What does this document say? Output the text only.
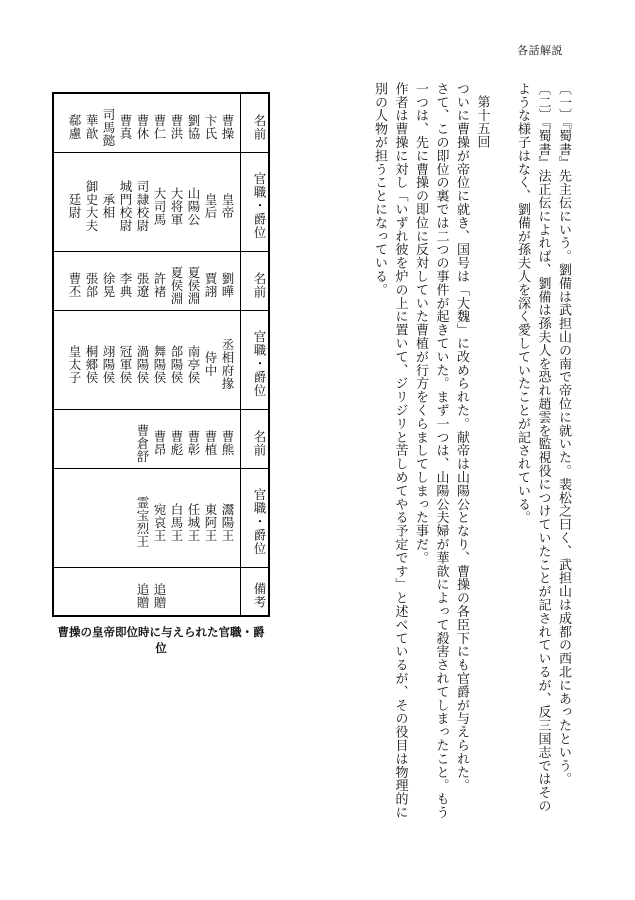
各話解説

〔一〕『蜀書』先主伝にいう。劉備は武担山の南で帝位に就いた。裴松之曰く、武担山は成都の西北にあったという。

〔二〕『蜀書』法正伝によれば、劉備は孫夫人を恐れ趙雲を監視役につけていたことが記されているが、反三国志ではそのような様子はなく、劉備が孫夫人を深く愛していたことが記されている。

第十五回

ついに曹操が帝位に就き、国号は「大魏」に改められた。献帝は山陽公となり、曹操の各臣下にも官爵が与えられた。

さて、この即位の裏では二つの事件が起きていた。まず一つは、山陽公夫婦が華歆によって殺害されてしまったこと。もう一つは、先に曹操の即位に反対していた曹植が行方をくらましてしまった事だ。

作者は曹操に対し「いずれ彼を炉の上に置いて、ジリジリと苦しめてやる予定です」と述べているが、その役目は物理的に別の人物が担うことになっている。

名前
曹操
卞氏
劉協
曹洪
曹仁
曹休
曹真
司馬懿
華歆
郗慮
官職・爵位
皇帝
皇后
山陽公
大将軍
大司馬
司隷校尉
城門校尉
承相
御史大夫
廷尉
名前
劉曄
賈詡
夏侯淵
夏侯淵
許褚
張遼
李典
徐晃
張郃
曹丕
官職・爵位
丞相府掾
侍中
南亭侯
郃陽侯
舞陽侯
渦陽侯
冠軍侯
翊陽侯
桐郷侯
皇太子
名前
曹熊
曹植
曹彰
曹彪
曹昂
曹倉舒
官職・爵位
灊陽王
東阿王
任城王
白馬王
宛哀王
霊宝烈王
備考
追贈
追贈
曹操の皇帝即位時に与えられた官職・爵位
